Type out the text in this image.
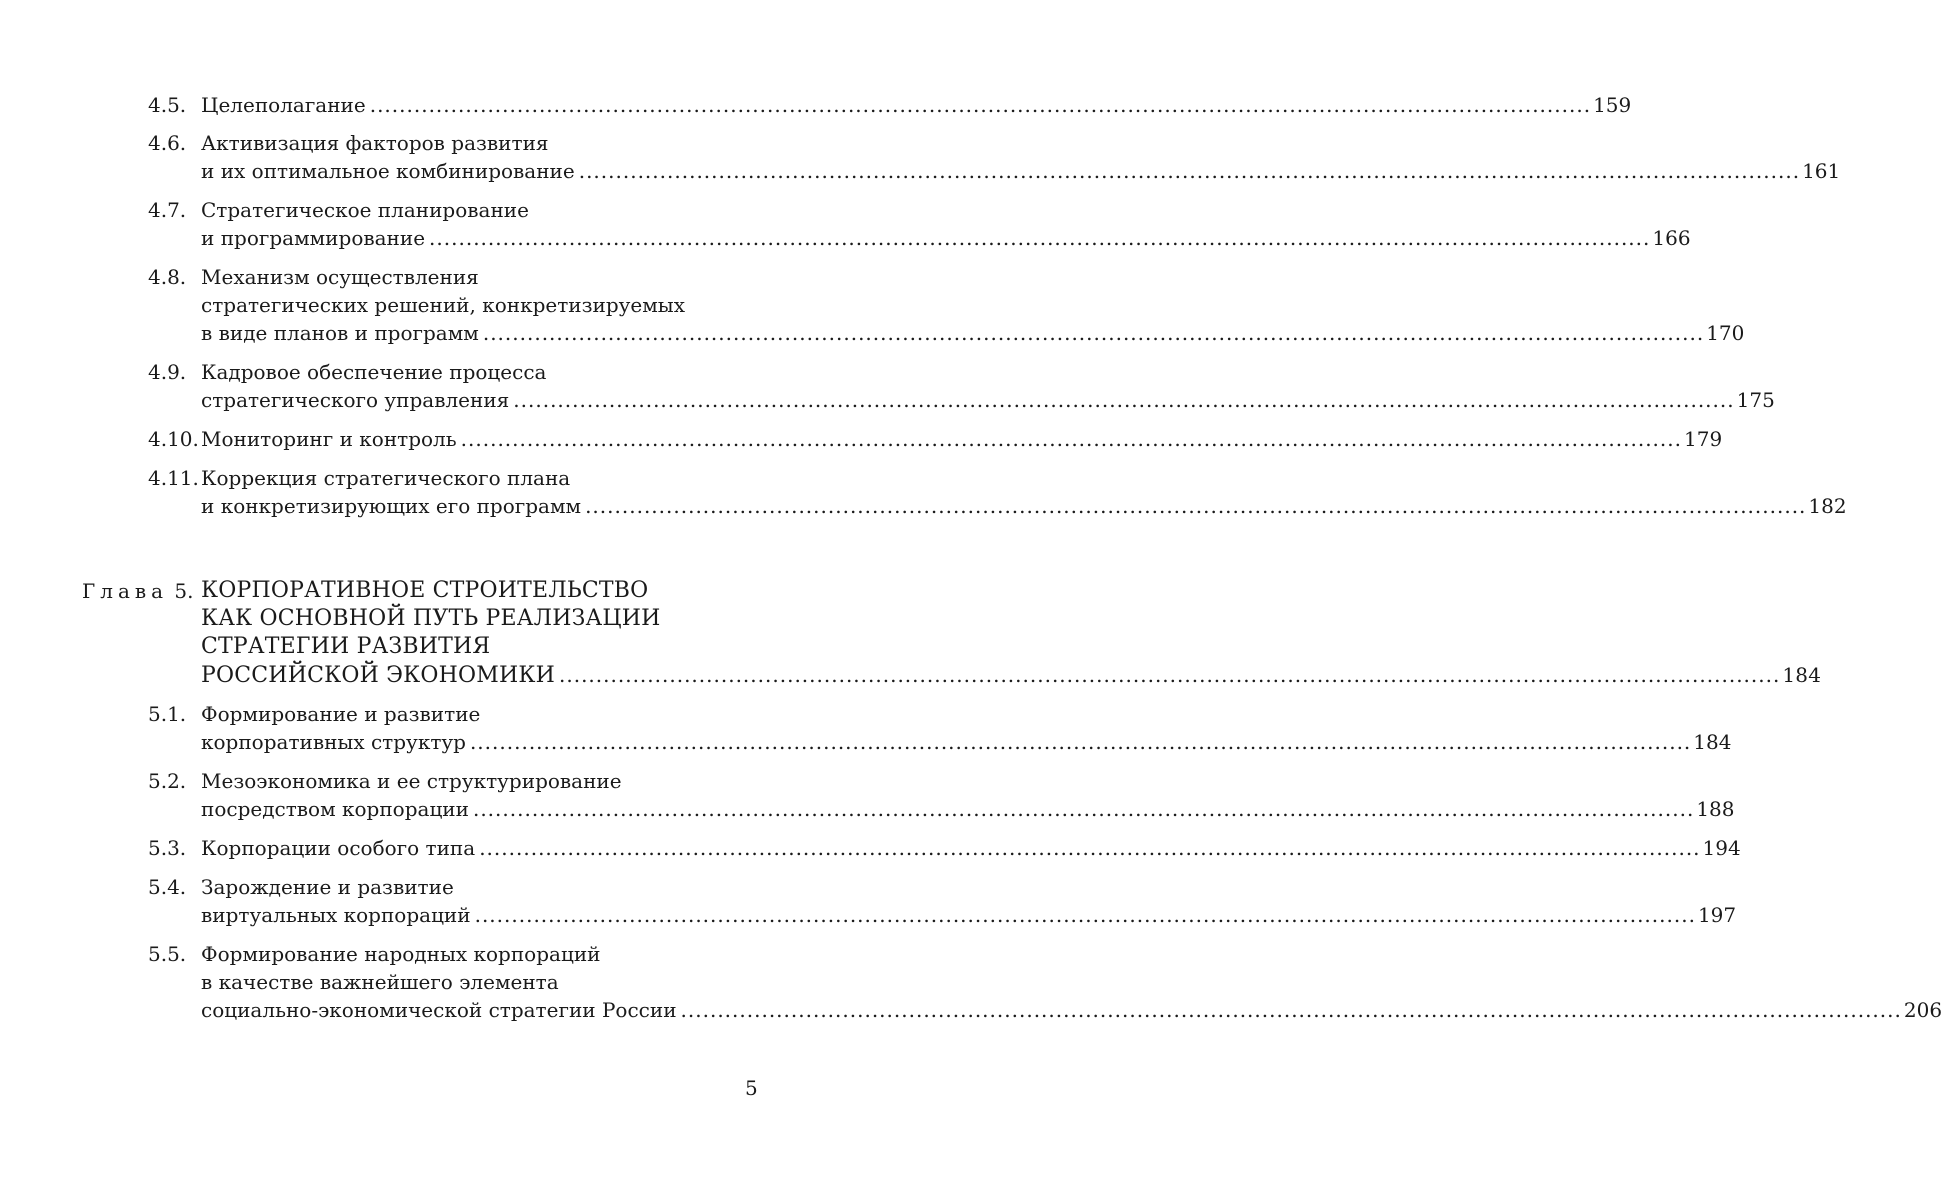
4.5. Целеполагание ...................................................................................................................................................................... 159
4.6. Активизация факторов развития
и их оптимальное комбинирование ...................................................................................................................................................................... 161
4.7. Стратегическое планирование
и программирование ...................................................................................................................................................................... 166
4.8. Механизм осуществления
стратегических решений, конкретизируемых
в виде планов и программ ...................................................................................................................................................................... 170
4.9. Кадровое обеспечение процесса
стратегического управления ...................................................................................................................................................................... 175
4.10. Мониторинг и контроль ...................................................................................................................................................................... 179
4.11. Коррекция стратегического плана
и конкретизирующих его программ ...................................................................................................................................................................... 182
Глава 5. КОРПОРАТИВНОЕ СТРОИТЕЛЬСТВО
КАК ОСНОВНОЙ ПУТЬ РЕАЛИЗАЦИИ
СТРАТЕГИИ РАЗВИТИЯ
РОССИЙСКОЙ ЭКОНОМИКИ ...................................................................................................................................................................... 184
5.1. Формирование и развитие
корпоративных структур ...................................................................................................................................................................... 184
5.2. Мезоэкономика и ее структурирование
посредством корпорации ...................................................................................................................................................................... 188
5.3. Корпорации особого типа ...................................................................................................................................................................... 194
5.4. Зарождение и развитие
виртуальных корпораций ...................................................................................................................................................................... 197
5.5. Формирование народных корпораций
в качестве важнейшего элемента
социально-экономической стратегии России ...................................................................................................................................................................... 206
5
